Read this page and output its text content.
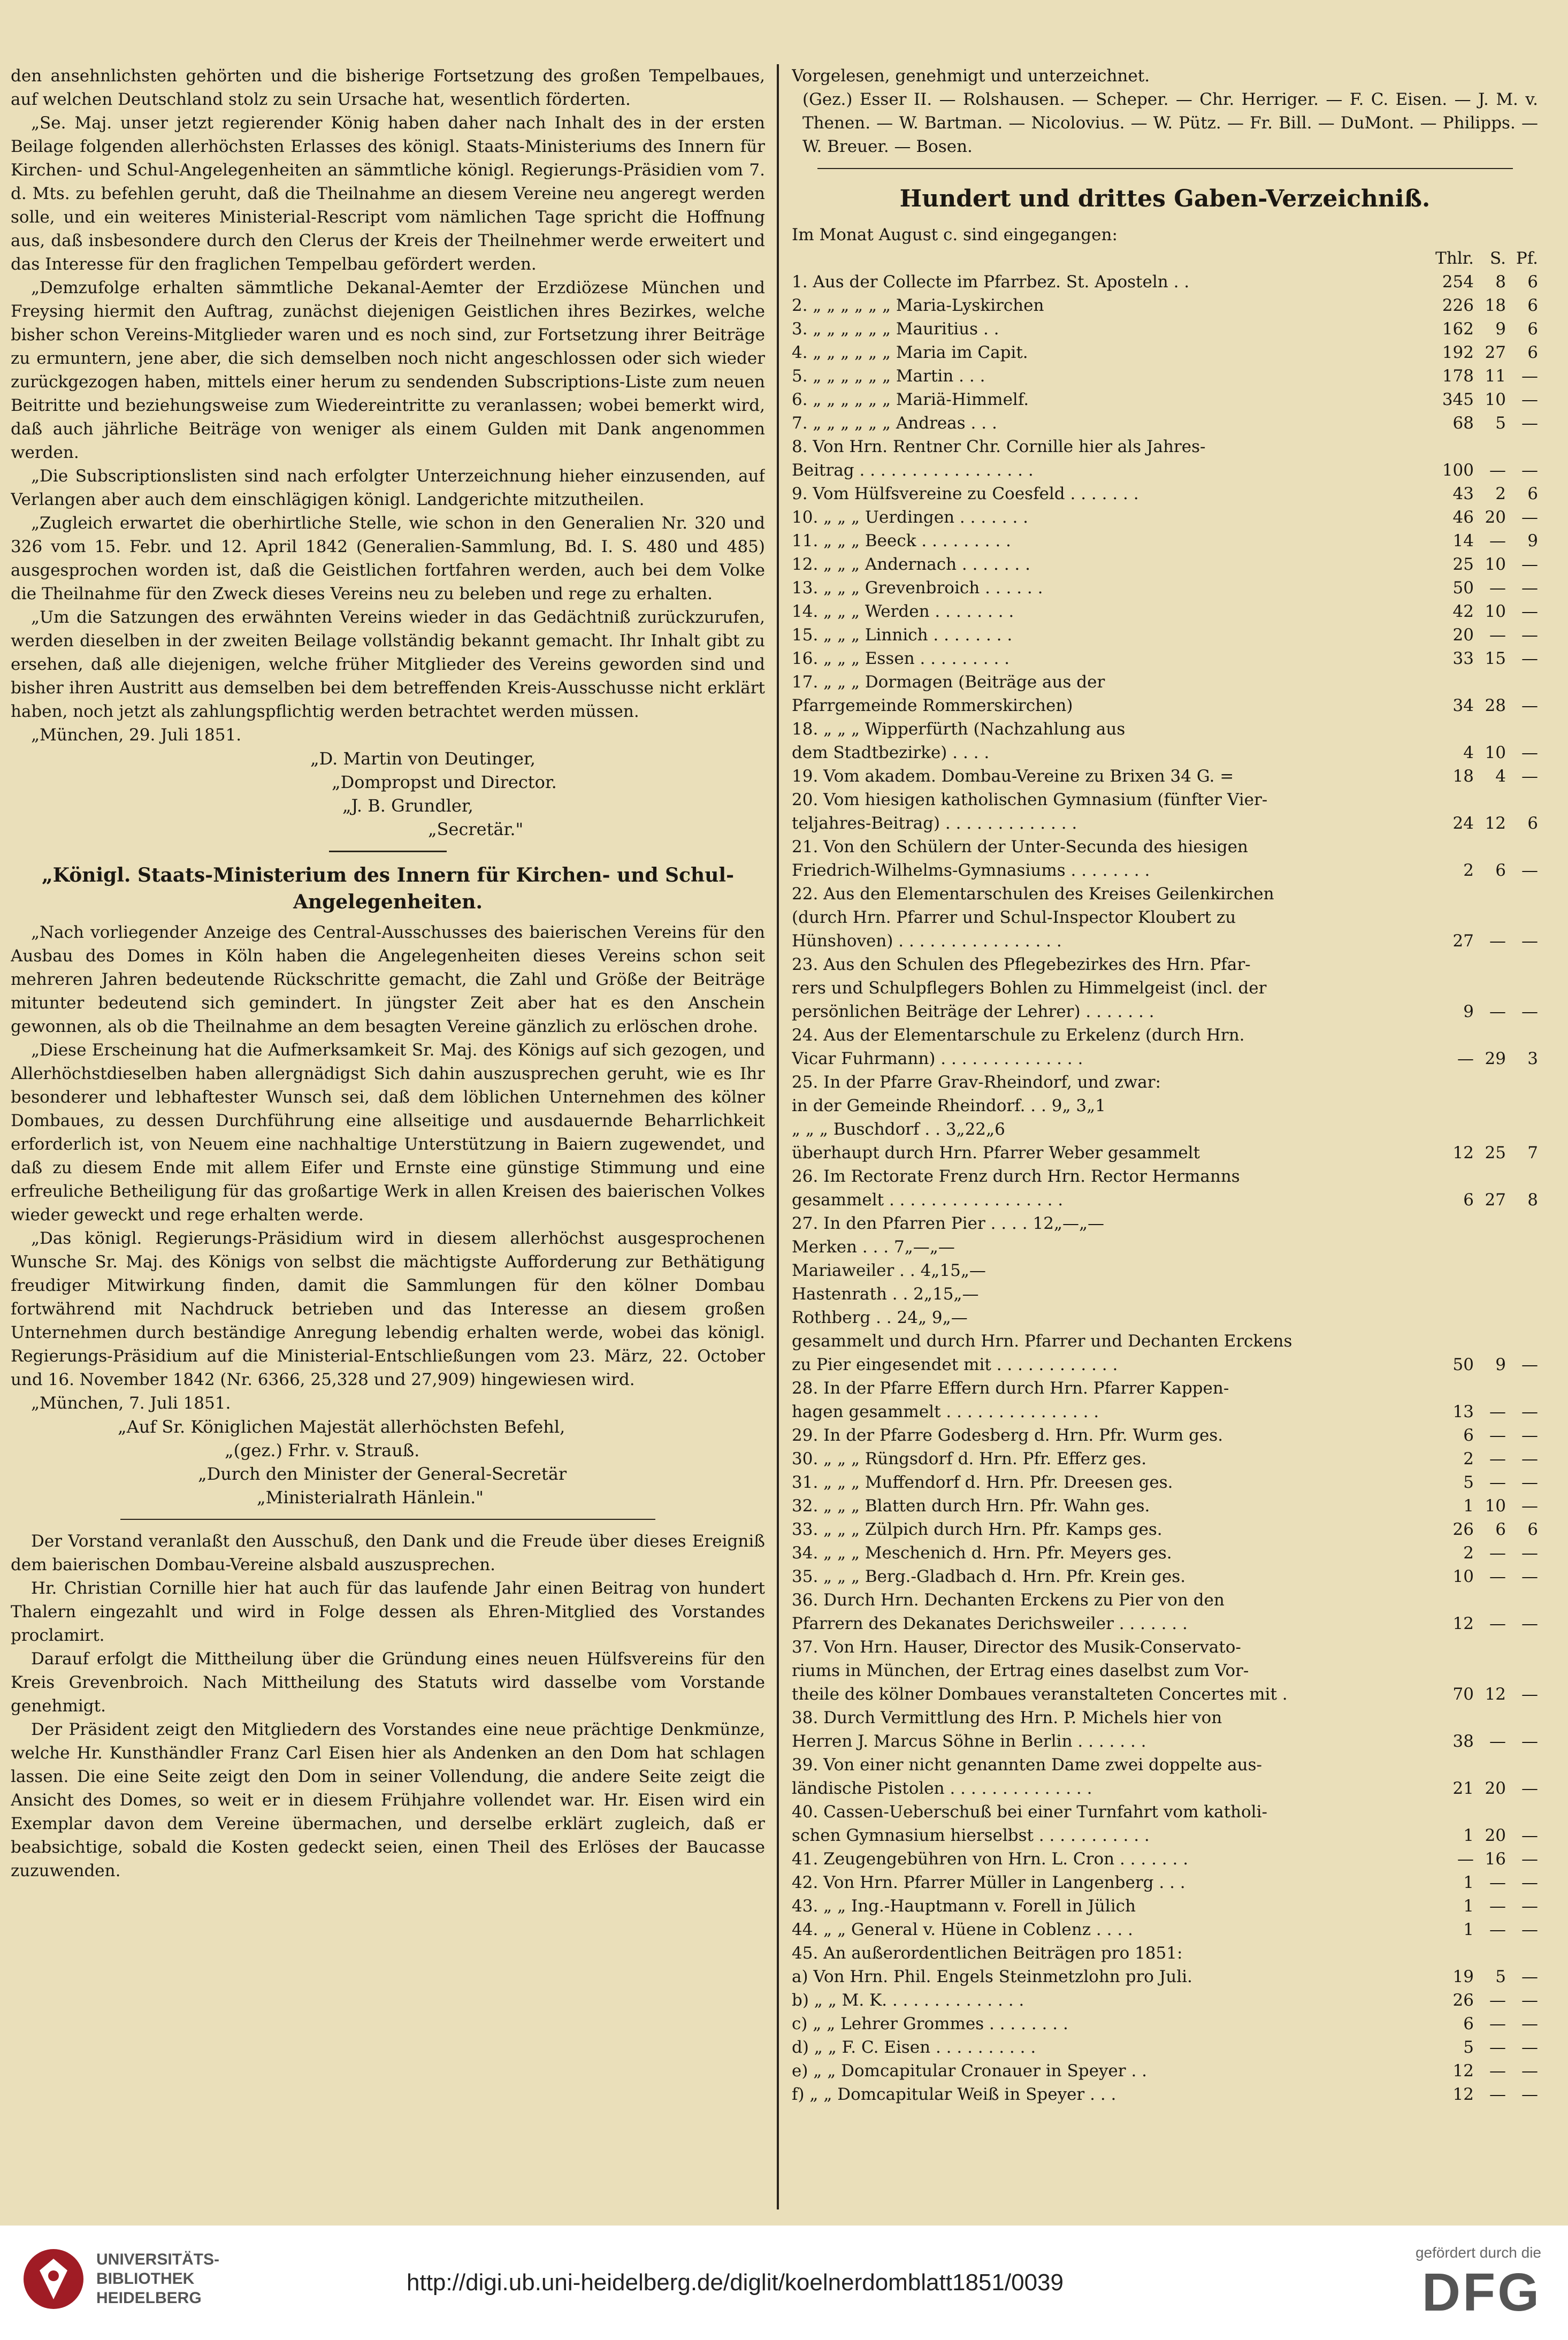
den ansehnlichsten gehörten und die bisherige Fortsetzung des großen Tempelbaues, auf welchen Deutschland stolz zu sein Ursache hat, wesentlich förderten.

„Se. Maj. unser jetzt regierender König haben daher nach Inhalt des in der ersten Beilage folgenden allerhöchsten Erlasses des königl. Staats-Ministeriums des Innern für Kirchen- und Schul-Angelegenheiten an sämmtliche königl. Regierungs-Präsidien vom 7. d. Mts. zu befehlen geruht, daß die Theilnahme an diesem Vereine neu angeregt werden solle, und ein weiteres Ministerial-Rescript vom nämlichen Tage spricht die Hoffnung aus, daß insbesondere durch den Clerus der Kreis der Theilnehmer werde erweitert und das Interesse für den fraglichen Tempelbau gefördert werden.

„Demzufolge erhalten sämmtliche Dekanal-Aemter der Erzdiözese München und Freysing hiermit den Auftrag, zunächst diejenigen Geistlichen ihres Bezirkes, welche bisher schon Vereins-Mitglieder waren und es noch sind, zur Fortsetzung ihrer Beiträge zu ermuntern, jene aber, die sich demselben noch nicht angeschlossen oder sich wieder zurückgezogen haben, mittels einer herum zu sendenden Subscriptions-Liste zum neuen Beitritte und beziehungsweise zum Wiedereintritte zu veranlassen; wobei bemerkt wird, daß auch jährliche Beiträge von weniger als einem Gulden mit Dank angenommen werden.

„Die Subscriptionslisten sind nach erfolgter Unterzeichnung hieher einzusenden, auf Verlangen aber auch dem einschlägigen königl. Landgerichte mitzutheilen.

„Zugleich erwartet die oberhirtliche Stelle, wie schon in den Generalien Nr. 320 und 326 vom 15. Febr. und 12. April 1842 (Generalien-Sammlung, Bd. I. S. 480 und 485) ausgesprochen worden ist, daß die Geistlichen fortfahren werden, auch bei dem Volke die Theilnahme für den Zweck dieses Vereins neu zu beleben und rege zu erhalten.

„Um die Satzungen des erwähnten Vereins wieder in das Gedächtniß zurückzurufen, werden dieselben in der zweiten Beilage vollständig bekannt gemacht. Ihr Inhalt gibt zu ersehen, daß alle diejenigen, welche früher Mitglieder des Vereins geworden sind und bisher ihren Austritt aus demselben bei dem betreffenden Kreis-Ausschusse nicht erklärt haben, noch jetzt als zahlungspflichtig werden betrachtet werden müssen.

„München, 29. Juli 1851.

„D. Martin von Deutinger,
„Dompropst und Director.
„J. B. Grundler,
„Secretär."
„Königl. Staats-Ministerium des Innern für Kirchen- und Schul-Angelegenheiten.

„Nach vorliegender Anzeige des Central-Ausschusses des baierischen Vereins für den Ausbau des Domes in Köln haben die Angelegenheiten dieses Vereins schon seit mehreren Jahren bedeutende Rückschritte gemacht, die Zahl und Größe der Beiträge mitunter bedeutend sich gemindert. In jüngster Zeit aber hat es den Anschein gewonnen, als ob die Theilnahme an dem besagten Vereine gänzlich zu erlöschen drohe.

„Diese Erscheinung hat die Aufmerksamkeit Sr. Maj. des Königs auf sich gezogen, und Allerhöchstdieselben haben allergnädigst Sich dahin auszusprechen geruht, wie es Ihr besonderer und lebhaftester Wunsch sei, daß dem löblichen Unternehmen des kölner Dombaues, zu dessen Durchführung eine allseitige und ausdauernde Beharrlichkeit erforderlich ist, von Neuem eine nachhaltige Unterstützung in Baiern zugewendet, und daß zu diesem Ende mit allem Eifer und Ernste eine günstige Stimmung und eine erfreuliche Betheiligung für das großartige Werk in allen Kreisen des baierischen Volkes wieder geweckt und rege erhalten werde.

„Das königl. Regierungs-Präsidium wird in diesem allerhöchst ausgesprochenen Wunsche Sr. Maj. des Königs von selbst die mächtigste Aufforderung zur Bethätigung freudiger Mitwirkung finden, damit die Sammlungen für den kölner Dombau fortwährend mit Nachdruck betrieben und das Interesse an diesem großen Unternehmen durch beständige Anregung lebendig erhalten werde, wobei das königl. Regierungs-Präsidium auf die Ministerial-Entschließungen vom 23. März, 22. October und 16. November 1842 (Nr. 6366, 25,328 und 27,909) hingewiesen wird.

„München, 7. Juli 1851.

„Auf Sr. Königlichen Majestät allerhöchsten Befehl,
„(gez.) Frhr. v. Strauß.
„Durch den Minister der General-Secretär
„Ministerialrath Hänlein."

Der Vorstand veranlaßt den Ausschuß, den Dank und die Freude über dieses Ereigniß dem baierischen Dombau-Vereine alsbald auszusprechen.

Hr. Christian Cornille hier hat auch für das laufende Jahr einen Beitrag von hundert Thalern eingezahlt und wird in Folge dessen als Ehren-Mitglied des Vorstandes proclamirt.

Darauf erfolgt die Mittheilung über die Gründung eines neuen Hülfsvereins für den Kreis Grevenbroich. Nach Mittheilung des Statuts wird dasselbe vom Vorstande genehmigt.

Der Präsident zeigt den Mitgliedern des Vorstandes eine neue prächtige Denkmünze, welche Hr. Kunsthändler Franz Carl Eisen hier als Andenken an den Dom hat schlagen lassen. Die eine Seite zeigt den Dom in seiner Vollendung, die andere Seite zeigt die Ansicht des Domes, so weit er in diesem Frühjahre vollendet war. Hr. Eisen wird ein Exemplar davon dem Vereine übermachen, und derselbe erklärt zugleich, daß er beabsichtige, sobald die Kosten gedeckt seien, einen Theil des Erlöses der Baucasse zuzuwenden.

Vorgelesen, genehmigt und unterzeichnet.

(Gez.) Esser II. — Rolshausen. — Scheper. — Chr. Herriger. — F. C. Eisen. — J. M. v. Thenen. — W. Bartman. — Nicolovius. — W. Pütz. — Fr. Bill. — DuMont. — Philipps. — W. Breuer. — Bosen.

Hundert und drittes Gaben-Verzeichniß.
Im Monat August c. sind eingegangen:
Thlr. S. Pf.
1. Aus der Collecte im Pfarrbez. St. Aposteln . .	254	8	6
2. „ „ „ „ „ „ Maria-Lyskirchen	226 18	6
3. „ „ „ „ „ „ Mauritius . .	162	9	6
4. „ „ „ „ „ „ Maria im Capit.	192 27	6
5. „ „ „ „ „ „ Martin . . .	178 11 —
6. „ „ „ „ „ „ Mariä-Himmelf.	345 10 —
7. „ „ „ „ „ „ Andreas . . .	68	5 —
8. Von Hrn. Rentner Chr. Cornille hier als Jahres-
Beitrag . . . . . . . . . . . . . . . . .	100 — —
9. Vom Hülfsvereine zu Coesfeld . . . . . . .	43	2	6
10. „ „ „ Uerdingen . . . . . . .	46 20 —
11. „ „ „ Beeck . . . . . . . . .	14 —	9
12. „ „ „ Andernach . . . . . . .	25 10 —
13. „ „ „ Grevenbroich . . . . . .	50 — —
14. „ „ „ Werden . . . . . . . .	42 10 —
15. „ „ „ Linnich . . . . . . . .	20 — —
16. „ „ „ Essen . . . . . . . . .	33 15 —
17. „ „ „ Dormagen (Beiträge aus der
Pfarrgemeinde Rommerskirchen)	34 28 —
18. „ „ „ Wipperfürth (Nachzahlung aus
dem Stadtbezirke) . . . .	4 10 —
19. Vom akadem. Dombau-Vereine zu Brixen 34 G. =	18	4 —
20. Vom hiesigen katholischen Gymnasium (fünfter Vier-
teljahres-Beitrag) . . . . . . . . . . . . .	24 12	6
21. Von den Schülern der Unter-Secunda des hiesigen
Friedrich-Wilhelms-Gymnasiums . . . . . . . .	2	6 —
22. Aus den Elementarschulen des Kreises Geilenkirchen
(durch Hrn. Pfarrer und Schul-Inspector Kloubert zu
Hünshoven) . . . . . . . . . . . . . . . .	27 — —
23. Aus den Schulen des Pflegebezirkes des Hrn. Pfar-
rers und Schulpflegers Bohlen zu Himmelgeist (incl. der
persönlichen Beiträge der Lehrer) . . . . . . .	9 — —
24. Aus der Elementarschule zu Erkelenz (durch Hrn.
Vicar Fuhrmann) . . . . . . . . . . . . . .	— 29	3
25. In der Pfarre Grav-Rheindorf, und zwar:
in der Gemeinde Rheindorf. . . 9„ 3„1
„ „ „ Buschdorf . . 3„22„6
überhaupt durch Hrn. Pfarrer Weber gesammelt	12 25	7
26. Im Rectorate Frenz durch Hrn. Rector Hermanns
gesammelt . . . . . . . . . . . . . . . . .	6 27	8
27. In den Pfarren Pier . . . . 12„—„—
Merken . . . 7„—„—
Mariaweiler . . 4„15„—
Hastenrath . . 2„15„—
Rothberg . . 24„ 9„—
gesammelt und durch Hrn. Pfarrer und Dechanten Erckens
zu Pier eingesendet mit . . . . . . . . . . . .	50	9 —
28. In der Pfarre Effern durch Hrn. Pfarrer Kappen-
hagen gesammelt . . . . . . . . . . . . . . .	13 — —
29. In der Pfarre Godesberg d. Hrn. Pfr. Wurm ges.	6 — —
30. „ „ „ Rüngsdorf d. Hrn. Pfr. Efferz ges.	2 — —
31. „ „ „ Muffendorf d. Hrn. Pfr. Dreesen ges.	5 — —
32. „ „ „ Blatten durch Hrn. Pfr. Wahn ges.	1 10 —
33. „ „ „ Zülpich durch Hrn. Pfr. Kamps ges.	26	6	6
34. „ „ „ Meschenich d. Hrn. Pfr. Meyers ges.	2 — —
35. „ „ „ Berg.-Gladbach d. Hrn. Pfr. Krein ges.	10 — —
36. Durch Hrn. Dechanten Erckens zu Pier von den
Pfarrern des Dekanates Derichsweiler . . . . . . .	12 — —
37. Von Hrn. Hauser, Director des Musik-Conservato-
riums in München, der Ertrag eines daselbst zum Vor-
theile des kölner Dombaues veranstalteten Concertes mit .	70 12 —
38. Durch Vermittlung des Hrn. P. Michels hier von
Herren J. Marcus Söhne in Berlin . . . . . . .	38 — —
39. Von einer nicht genannten Dame zwei doppelte aus-
ländische Pistolen . . . . . . . . . . . . . .	21 20 —
40. Cassen-Ueberschuß bei einer Turnfahrt vom katholi-
schen Gymnasium hierselbst . . . . . . . . . . .	1 20 —
41. Zeugengebühren von Hrn. L. Cron . . . . . . .	— 16 —
42. Von Hrn. Pfarrer Müller in Langenberg . . .	1 — —
43. „ „ Ing.-Hauptmann v. Forell in Jülich	1 — —
44. „ „ General v. Hüene in Coblenz . . . .	1 — —
45. An außerordentlichen Beiträgen pro 1851:
a) Von Hrn. Phil. Engels Steinmetzlohn pro Juli.	19	5 —
b) „ „ M. K. . . . . . . . . . . . . .	26 — —
c) „ „ Lehrer Grommes . . . . . . . .	6 — —
d) „ „ F. C. Eisen . . . . . . . . . .	5 — —
e) „ „ Domcapitular Cronauer in Speyer . .	12 — —
f) „ „ Domcapitular Weiß in Speyer . . .	12 — —
UNIVERSITÄTS-
BIBLIOTHEK
HEIDELBERG
http://digi.ub.uni-heidelberg.de/diglit/koelnerdomblatt1851/0039
gefördert durch die
DFG
